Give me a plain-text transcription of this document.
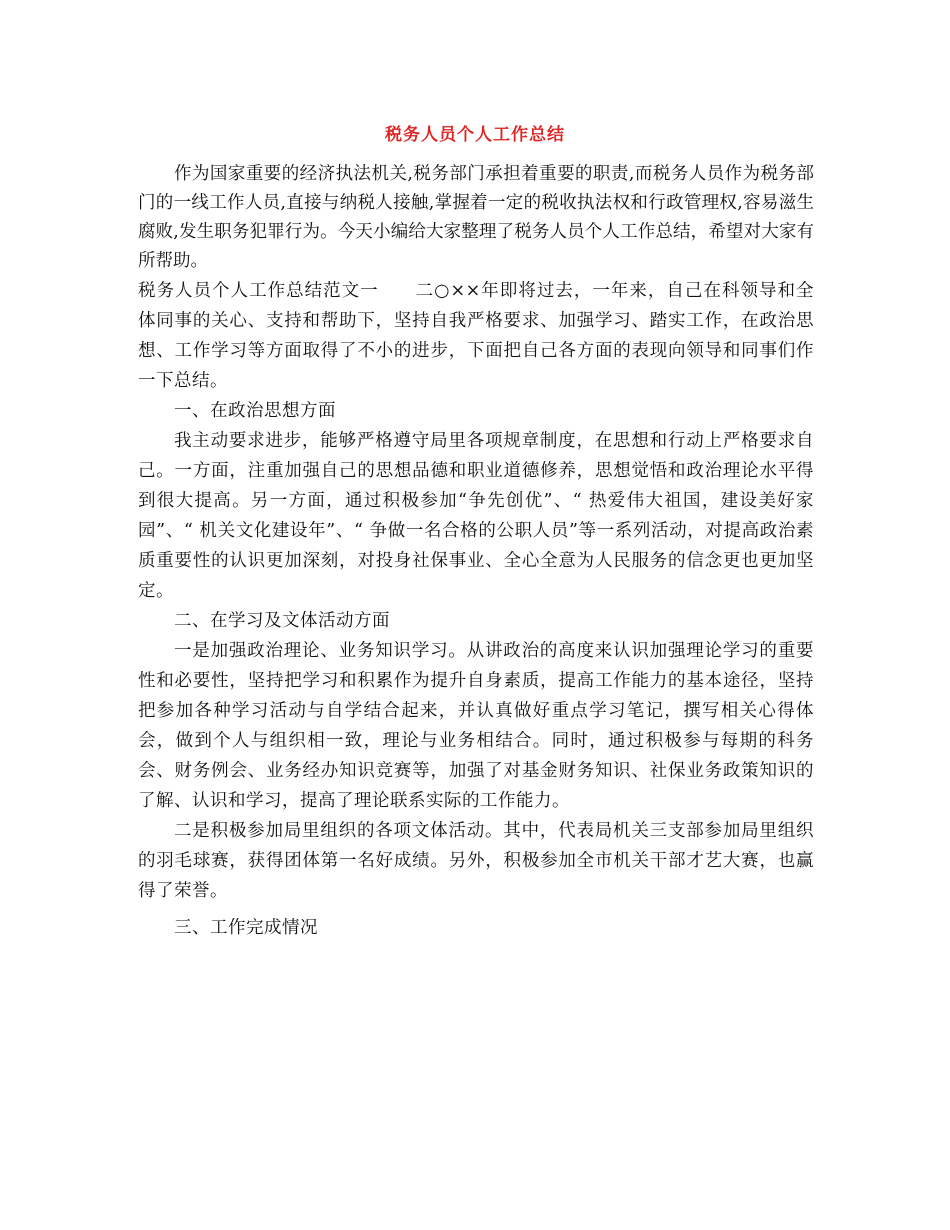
税务人员个人工作总结

作为国家重要的经济执法机关,税务部门承担着重要的职责,而税务人员作为税务部门的一线工作人员,直接与纳税人接触,掌握着一定的税收执法权和行政管理权,容易滋生腐败,发生职务犯罪行为。今天小编给大家整理了税务人员个人工作总结，希望对大家有所帮助。

税务人员个人工作总结范文一　　二○××年即将过去，一年来，自己在科领导和全体同事的关心、支持和帮助下，坚持自我严格要求、加强学习、踏实工作，在政治思想、工作学习等方面取得了不小的进步，下面把自己各方面的表现向领导和同事们作一下总结。

一、在政治思想方面

我主动要求进步，能够严格遵守局里各项规章制度，在思想和行动上严格要求自己。一方面，注重加强自己的思想品德和职业道德修养，思想觉悟和政治理论水平得到很大提高。另一方面，通过积极参加“争先创优”、“ 热爱伟大祖国，建设美好家园”、“ 机关文化建设年”、“ 争做一名合格的公职人员”等一系列活动，对提高政治素质重要性的认识更加深刻，对投身社保事业、全心全意为人民服务的信念更也更加坚定。

二、在学习及文体活动方面

一是加强政治理论、业务知识学习。从讲政治的高度来认识加强理论学习的重要性和必要性，坚持把学习和积累作为提升自身素质，提高工作能力的基本途径，坚持把参加各种学习活动与自学结合起来，并认真做好重点学习笔记，撰写相关心得体会，做到个人与组织相一致，理论与业务相结合。同时，通过积极参与每期的科务会、财务例会、业务经办知识竞赛等，加强了对基金财务知识、社保业务政策知识的了解、认识和学习，提高了理论联系实际的工作能力。

二是积极参加局里组织的各项文体活动。其中，代表局机关三支部参加局里组织的羽毛球赛，获得团体第一名好成绩。另外，积极参加全市机关干部才艺大赛，也赢得了荣誉。

三、工作完成情况
